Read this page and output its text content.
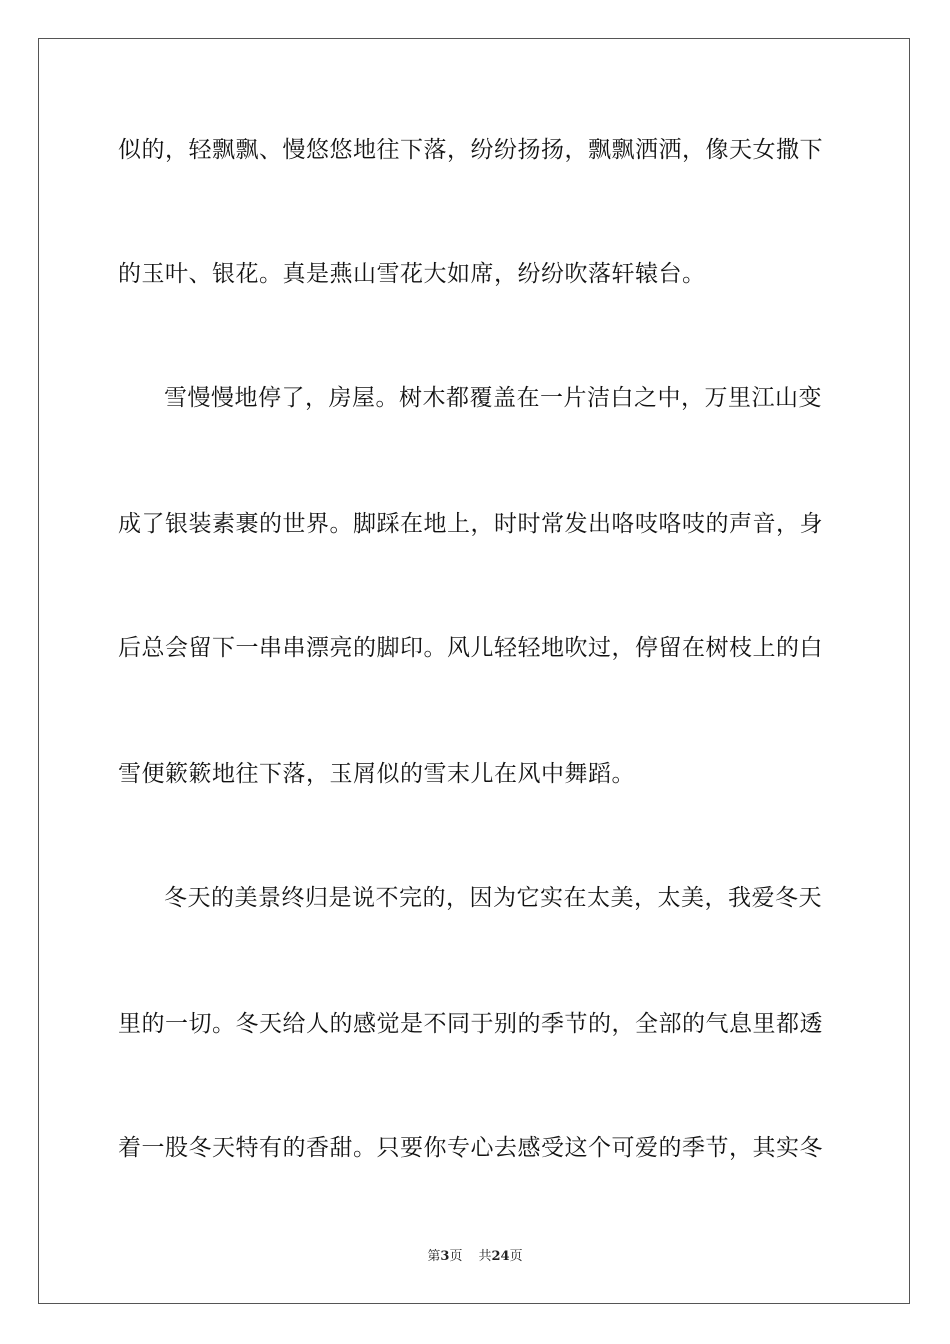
似的，轻飘飘、慢悠悠地往下落，纷纷扬扬，飘飘洒洒，像天女撒下
的玉叶、银花。真是燕山雪花大如席，纷纷吹落轩辕台。
雪慢慢地停了，房屋。树木都覆盖在一片洁白之中，万里江山变
成了银装素裹的世界。脚踩在地上，时时常发出咯吱咯吱的声音，身
后总会留下一串串漂亮的脚印。风儿轻轻地吹过，停留在树枝上的白
雪便簌簌地往下落，玉屑似的雪末儿在风中舞蹈。
冬天的美景终归是说不完的，因为它实在太美，太美，我爱冬天
里的一切。冬天给人的感觉是不同于别的季节的，全部的气息里都透
着一股冬天特有的香甜。只要你专心去感受这个可爱的季节，其实冬
第3页 共24页
